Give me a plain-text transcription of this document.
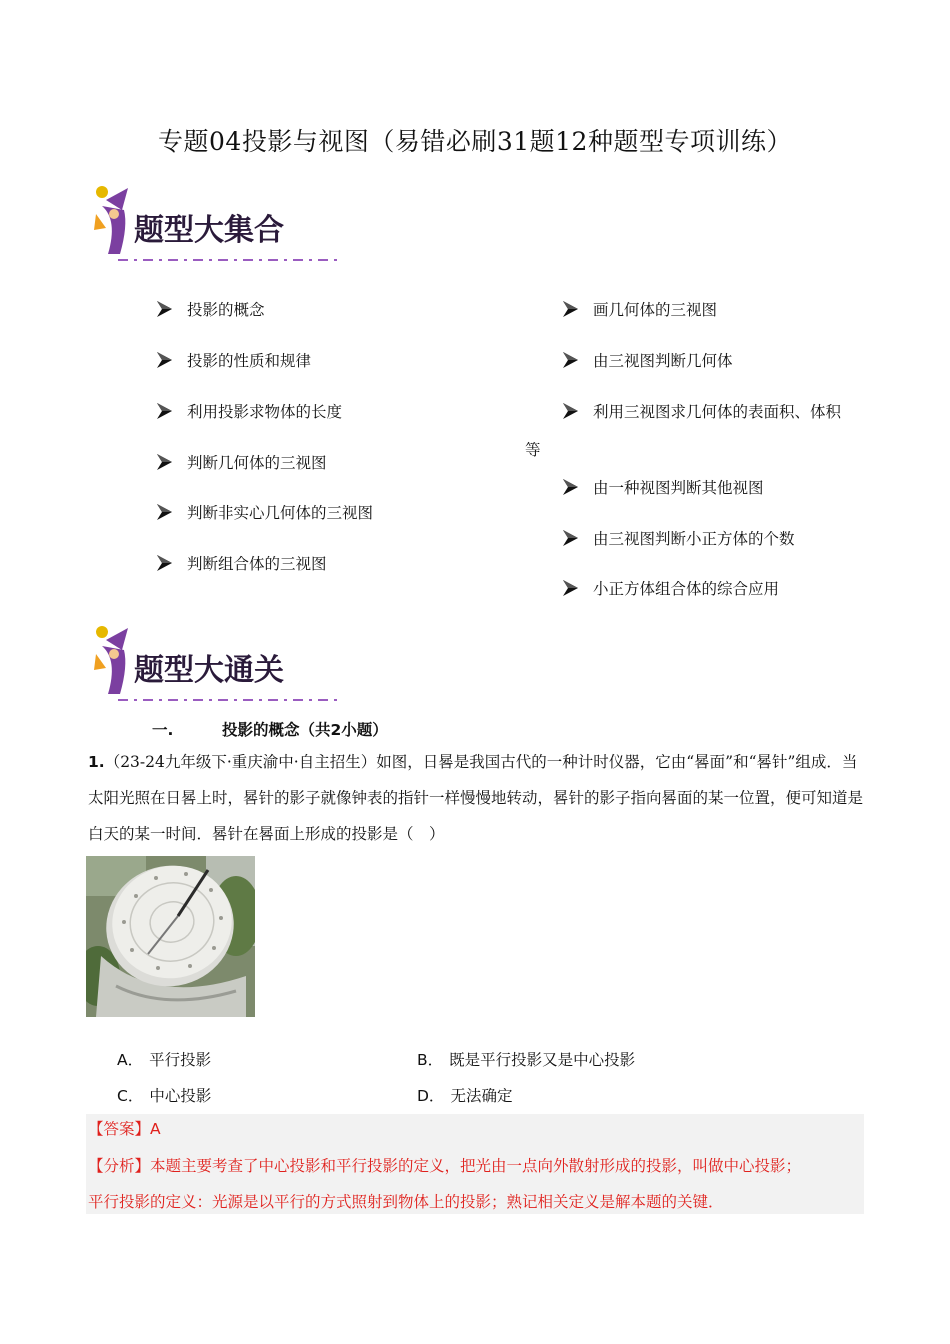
专题04投影与视图（易错必刷31题12种题型专项训练）
题型大集合
投影的概念
投影的性质和规律
利用投影求物体的长度
判断几何体的三视图
判断非实心几何体的三视图
判断组合体的三视图
画几何体的三视图
由三视图判断几何体
利用三视图求几何体的表面积、体积
由一种视图判断其他视图
由三视图判断小正方体的个数
小正方体组合体的综合应用
等
题型大通关
一.	投影的概念（共2小题）
1.（23-24九年级下·重庆渝中·自主招生）如图，日晷是我国古代的一种计时仪器，它由“晷面”和“晷针”组成．当太阳光照在日晷上时，晷针的影子就像钟表的指针一样慢慢地转动，晷针的影子指向晷面的某一位置，便可知道是白天的某一时间．晷针在晷面上形成的投影是（　）
A． 平行投影	B． 既是平行投影又是中心投影
C． 中心投影	D． 无法确定
【答案】A
【分析】本题主要考查了中心投影和平行投影的定义，把光由一点向外散射形成的投影，叫做中心投影；
平行投影的定义：光源是以平行的方式照射到物体上的投影；熟记相关定义是解本题的关键．
